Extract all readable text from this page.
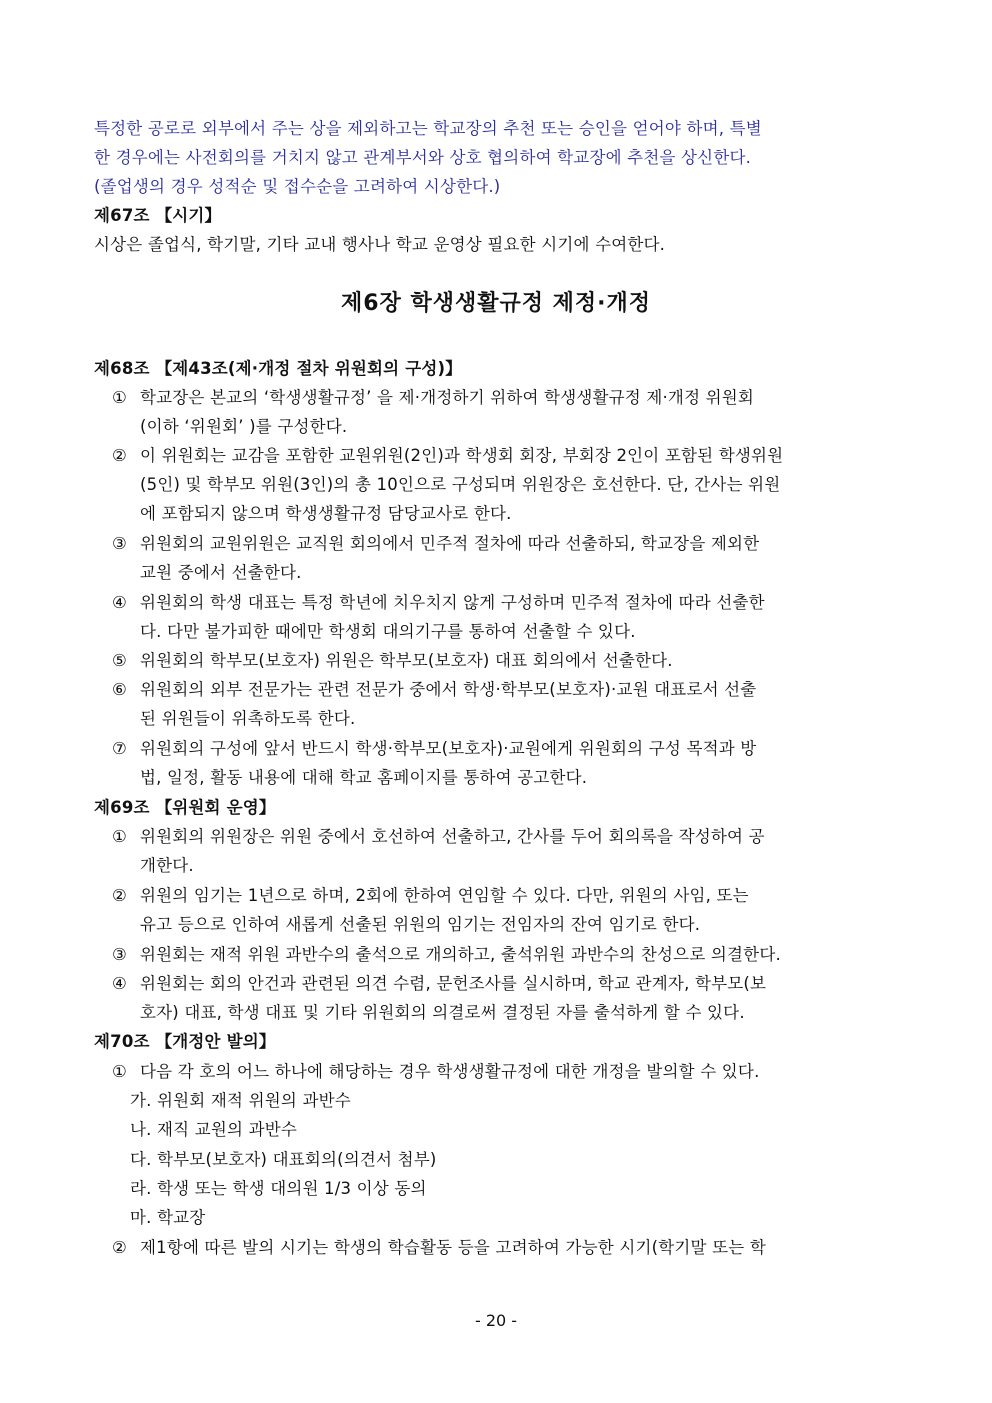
특정한 공로로 외부에서 주는 상을 제외하고는 학교장의 추천 또는 승인을 얻어야 하며, 특별
한 경우에는 사전회의를 거치지 않고 관계부서와 상호 협의하여 학교장에 추천을 상신한다.
(졸업생의 경우 성적순 및 접수순을 고려하여 시상한다.)
제67조 【시기】
시상은 졸업식, 학기말, 기타 교내 행사나 학교 운영상 필요한 시기에 수여한다.
제6장 학생생활규정 제정·개정
제68조 【제43조(제·개정 절차 위원회의 구성)】
① 학교장은 본교의 ‘학생생활규정’ 을 제·개정하기 위하여 학생생활규정 제·개정 위원회
(이하 ‘위원회’ )를 구성한다.
② 이 위원회는 교감을 포함한 교원위원(2인)과 학생회 회장, 부회장 2인이 포함된 학생위원
(5인) 및 학부모 위원(3인)의 총 10인으로 구성되며 위원장은 호선한다. 단, 간사는 위원
에 포함되지 않으며 학생생활규정 담당교사로 한다.
③ 위원회의 교원위원은 교직원 회의에서 민주적 절차에 따라 선출하되, 학교장을 제외한
교원 중에서 선출한다.
④ 위원회의 학생 대표는 특정 학년에 치우치지 않게 구성하며 민주적 절차에 따라 선출한
다. 다만 불가피한 때에만 학생회 대의기구를 통하여 선출할 수 있다.
⑤ 위원회의 학부모(보호자) 위원은 학부모(보호자) 대표 회의에서 선출한다.
⑥ 위원회의 외부 전문가는 관련 전문가 중에서 학생·학부모(보호자)·교원 대표로서 선출
된 위원들이 위촉하도록 한다.
⑦ 위원회의 구성에 앞서 반드시 학생·학부모(보호자)·교원에게 위원회의 구성 목적과 방
법, 일정, 활동 내용에 대해 학교 홈페이지를 통하여 공고한다.
제69조 【위원회 운영】
① 위원회의 위원장은 위원 중에서 호선하여 선출하고, 간사를 두어 회의록을 작성하여 공
개한다.
② 위원의 임기는 1년으로 하며, 2회에 한하여 연임할 수 있다. 다만, 위원의 사임, 또는
유고 등으로 인하여 새롭게 선출된 위원의 임기는 전임자의 잔여 임기로 한다.
③ 위원회는 재적 위원 과반수의 출석으로 개의하고, 출석위원 과반수의 찬성으로 의결한다.
④ 위원회는 회의 안건과 관련된 의견 수렴, 문헌조사를 실시하며, 학교 관계자, 학부모(보
호자) 대표, 학생 대표 및 기타 위원회의 의결로써 결정된 자를 출석하게 할 수 있다.
제70조 【개정안 발의】
① 다음 각 호의 어느 하나에 해당하는 경우 학생생활규정에 대한 개정을 발의할 수 있다.
가. 위원회 재적 위원의 과반수
나. 재직 교원의 과반수
다. 학부모(보호자) 대표회의(의견서 첨부)
라. 학생 또는 학생 대의원 1/3 이상 동의
마. 학교장
② 제1항에 따른 발의 시기는 학생의 학습활동 등을 고려하여 가능한 시기(학기말 또는 학
- 20 -
